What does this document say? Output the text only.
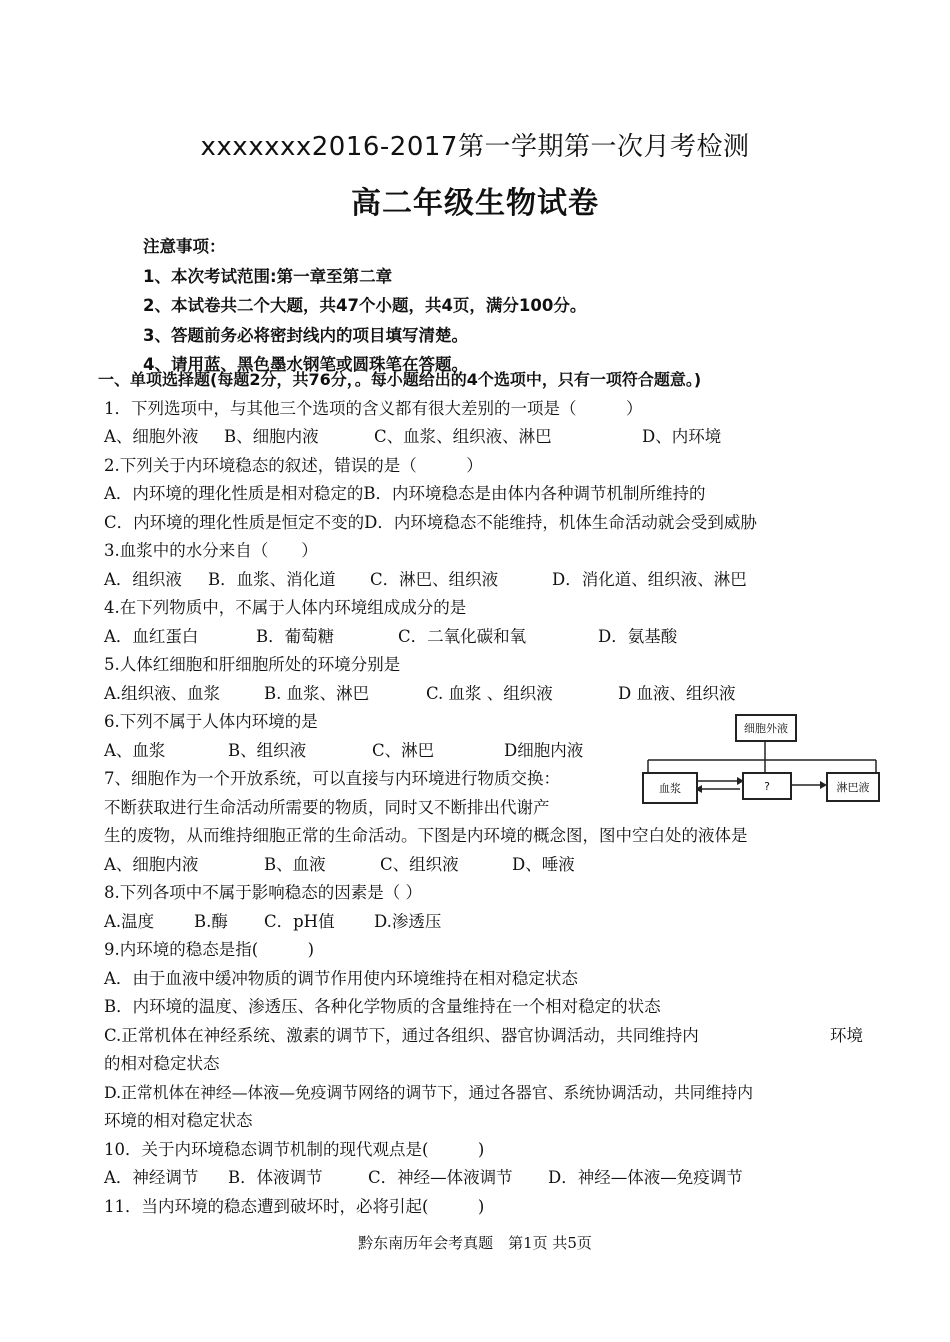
xxxxxxx2016-2017第一学期第一次月考检测
高二年级生物试卷
注意事项：
1、本次考试范围:第一章至第二章
2、本试卷共二个大题，共47个小题，共4页，满分100分。
3、答题前务必将密封线内的项目填写清楚。
4、请用蓝、黑色墨水钢笔或圆珠笔在答题。
一、单项选择题(每题2分，共76分，。每小题给出的4个选项中，只有一项符合题意。)
1．下列选项中，与其他三个选项的含义都有很大差别的一项是（　　　）
A、细胞外液	B、细胞内液	C、血浆、组织液、淋巴	D、内环境
2.下列关于内环境稳态的叙述，错误的是（　　　）
A．内环境的理化性质是相对稳定的B．内环境稳态是由体内各种调节机制所维持的
C．内环境的理化性质是恒定不变的D．内环境稳态不能维持，机体生命活动就会受到威胁
3.血浆中的水分来自（　　）
A．组织液	B．血浆、消化道	C．淋巴、组织液	D．消化道、组织液、淋巴
4.在下列物质中，不属于人体内环境组成成分的是
A．血红蛋白	B．葡萄糖	C．二氧化碳和氧	D．氨基酸
5.人体红细胞和肝细胞所处的环境分别是
A.组织液、血浆	B. 血浆、淋巴	C. 血浆 、组织液	D 血液、组织液
6.下列不属于人体内环境的是
A、血浆	B、组织液	C、淋巴	D细胞内液
7、细胞作为一个开放系统，可以直接与内环境进行物质交换：
不断获取进行生命活动所需要的物质，同时又不断排出代谢产
生的废物，从而维持细胞正常的生命活动。下图是内环境的概念图，图中空白处的液体是
A、细胞内液	B、血液	C、组织液	D、唾液
8.下列各项中不属于影响稳态的因素是（ ）
A.温度	B.酶	C．pH值	D.渗透压
9.内环境的稳态是指(　　　)
A．由于血液中缓冲物质的调节作用使内环境维持在相对稳定状态
B．内环境的温度、渗透压、各种化学物质的含量维持在一个相对稳定的状态
C.正常机体在神经系统、激素的调节下，通过各组织、器官协调活动，共同维持内	环境
的相对稳定状态
D.正常机体在神经—体液—免疫调节网络的调节下，通过各器官、系统协调活动，共同维持内
环境的相对稳定状态
10．关于内环境稳态调节机制的现代观点是(　　　)
A．神经调节	B．体液调节	C．神经—体液调节	D．神经—体液—免疫调节
11．当内环境的稳态遭到破坏时，必将引起(　　　)
细胞外液
血浆	?	淋巴液
黔东南历年会考真题　第1页 共5页
